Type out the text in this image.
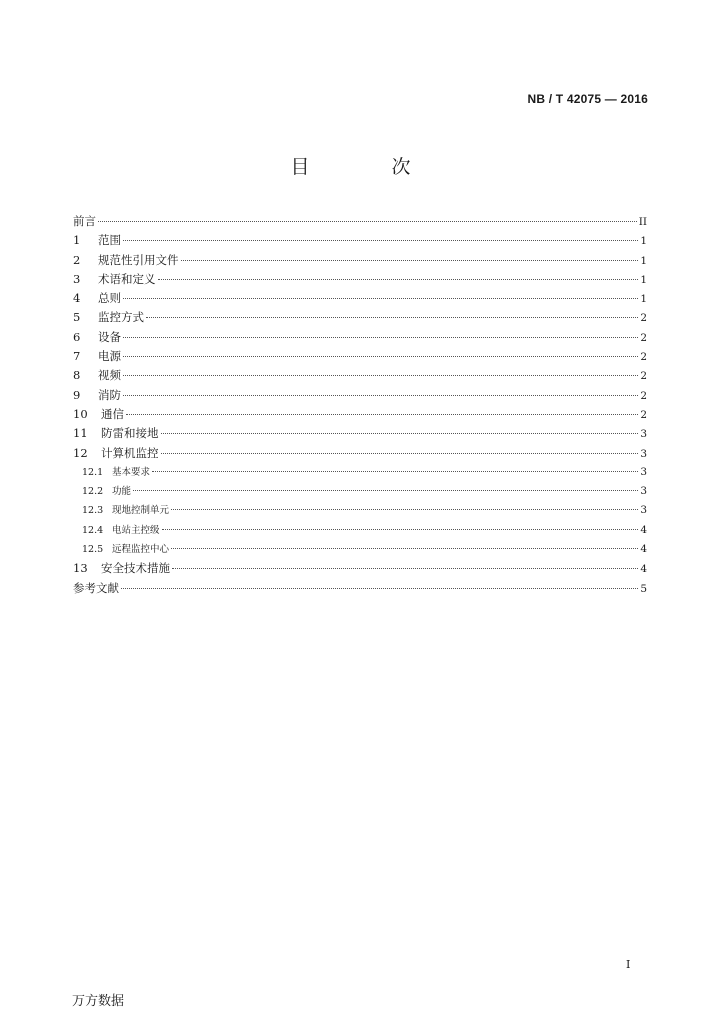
NB / T 42075 — 2016
目 次
前言	II
1	范围	1
2	规范性引用文件	1
3	术语和定义	1
4	总则	1
5	监控方式	2
6	设备	2
7	电源	2
8	视频	2
9	消防	2
10	通信	2
11	防雷和接地	3
12	计算机监控	3
12.1 基本要求	3
12.2 功能	3
12.3 现地控制单元	3
12.4 电站主控级	4
12.5 远程监控中心	4
13	安全技术措施	4
参考文献	5
I
万方数据
